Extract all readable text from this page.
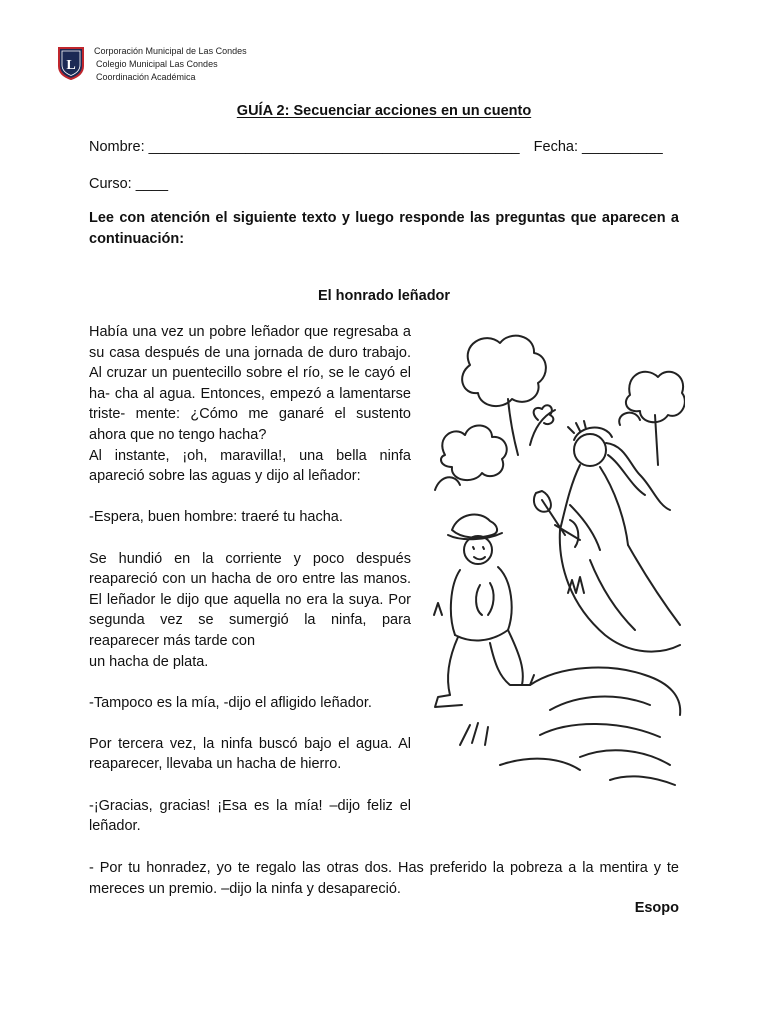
L
Corporación Municipal de Las Condes
Colegio Municipal Las Condes
Coordinación Académica
GUÍA 2: Secuenciar acciones en un cuento
Nombre: ______________________________________________ Fecha: __________
Curso: ____
Lee con atención el siguiente texto y luego responde las preguntas que aparecen a continuación:
El honrado leñador

Había una vez un pobre leñador que regresaba a su casa después de una jornada de duro trabajo. Al cruzar un puentecillo sobre el río, se le cayó el ha- cha al agua. Entonces, empezó a lamentarse triste- mente: ¿Cómo me ganaré el sustento ahora que no tengo hacha?

Al instante, ¡oh, maravilla!, una bella ninfa apareció sobre las aguas y dijo al leñador:

-Espera, buen hombre: traeré tu hacha.

Se hundió en la corriente y poco después reapareció con un hacha de oro entre las manos. El leñador le dijo que aquella no era la suya. Por segunda vez se sumergió la ninfa, para reaparecer más tarde con

un hacha de plata.

-Tampoco es la mía, -dijo el afligido leñador.

Por tercera vez, la ninfa buscó bajo el agua. Al reaparecer, llevaba un hacha de hierro.

-¡Gracias, gracias! ¡Esa es la mía! –dijo feliz el leñador.

- Por tu honradez, yo te regalo las otras dos. Has preferido la pobreza a la mentira y te mereces un premio. –dijo la ninfa y desapareció.
Esopo
